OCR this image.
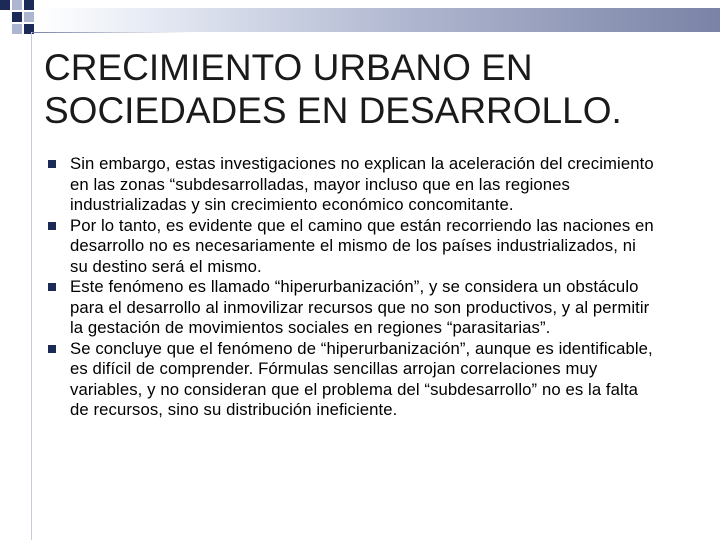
CRECIMIENTO URBANO EN SOCIEDADES EN DESARROLLO.
Sin embargo, estas investigaciones no explican la aceleración del crecimiento en las zonas “subdesarrolladas, mayor incluso que en las regiones industrializadas y sin crecimiento económico concomitante.
Por lo tanto, es evidente que el camino que están recorriendo las naciones en desarrollo no es necesariamente el mismo de los países industrializados, ni su destino será el mismo.
Este fenómeno es llamado “hiperurbanización”, y se considera un obstáculo para el desarrollo al inmovilizar recursos que no son productivos, y al permitir la gestación de movimientos sociales en regiones “parasitarias”.
Se concluye que el fenómeno de “hiperurbanización”, aunque es identificable, es difícil de comprender. Fórmulas sencillas arrojan correlaciones muy variables, y no consideran que el problema del “subdesarrollo” no es la falta de recursos, sino su distribución ineficiente.
